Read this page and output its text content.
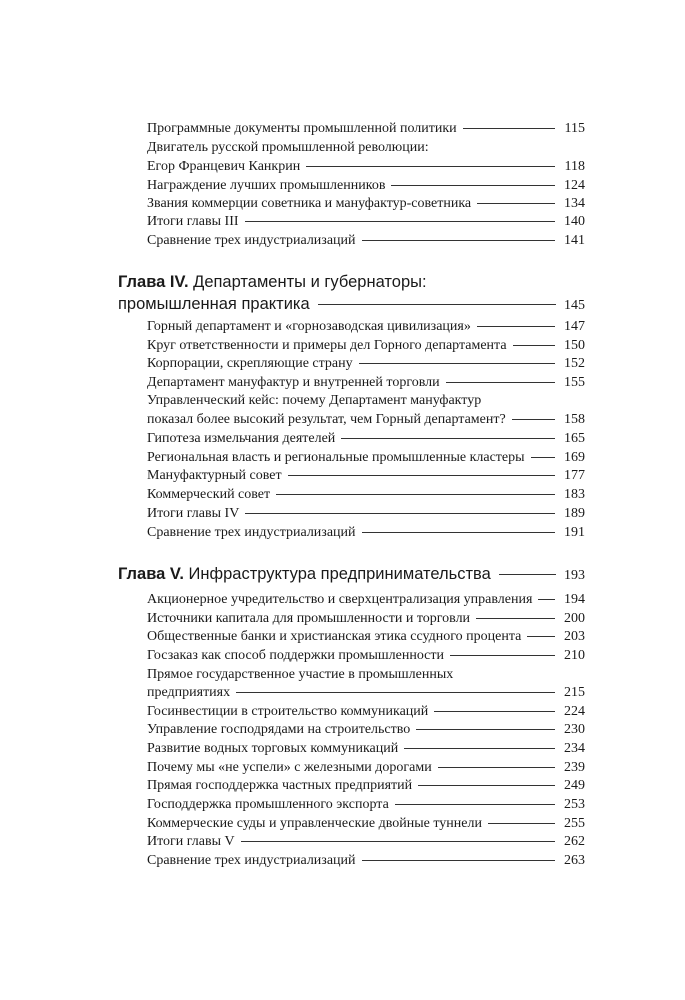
Программные документы промышленной политики	115
Двигатель русской промышленной революции:
Егор Францевич Канкрин	118
Награждение лучших промышленников	124
Звания коммерции советника и мануфактур-советника	134
Итоги главы III	140
Сравнение трех индустриализаций	141
Глава IV. Департаменты и губернаторы:
промышленная практика	145
Горный департамент и «горнозаводская цивилизация»	147
Круг ответственности и примеры дел Горного департамента	150
Корпорации, скрепляющие страну	152
Департамент мануфактур и внутренней торговли	155
Управленческий кейс: почему Департамент мануфактур
показал более высокий результат, чем Горный департамент?	158
Гипотеза измельчания деятелей	165
Региональная власть и региональные промышленные кластеры	169
Мануфактурный совет	177
Коммерческий совет	183
Итоги главы IV	189
Сравнение трех индустриализаций	191
Глава V. Инфраструктура предпринимательства	193
Акционерное учредительство и сверхцентрализация управления 194
Источники капитала для промышленности и торговли	200
Общественные банки и христианская этика ссудного процента	203
Госзаказ как способ поддержки промышленности	210
Прямое государственное участие в промышленных
предприятиях	215
Госинвестиции в строительство коммуникаций	224
Управление господрядами на строительство	230
Развитие водных торговых коммуникаций	234
Почему мы «не успели» с железными дорогами	239
Прямая господдержка частных предприятий	249
Господдержка промышленного экспорта	253
Коммерческие суды и управленческие двойные туннели	255
Итоги главы V	262
Сравнение трех индустриализаций	263
